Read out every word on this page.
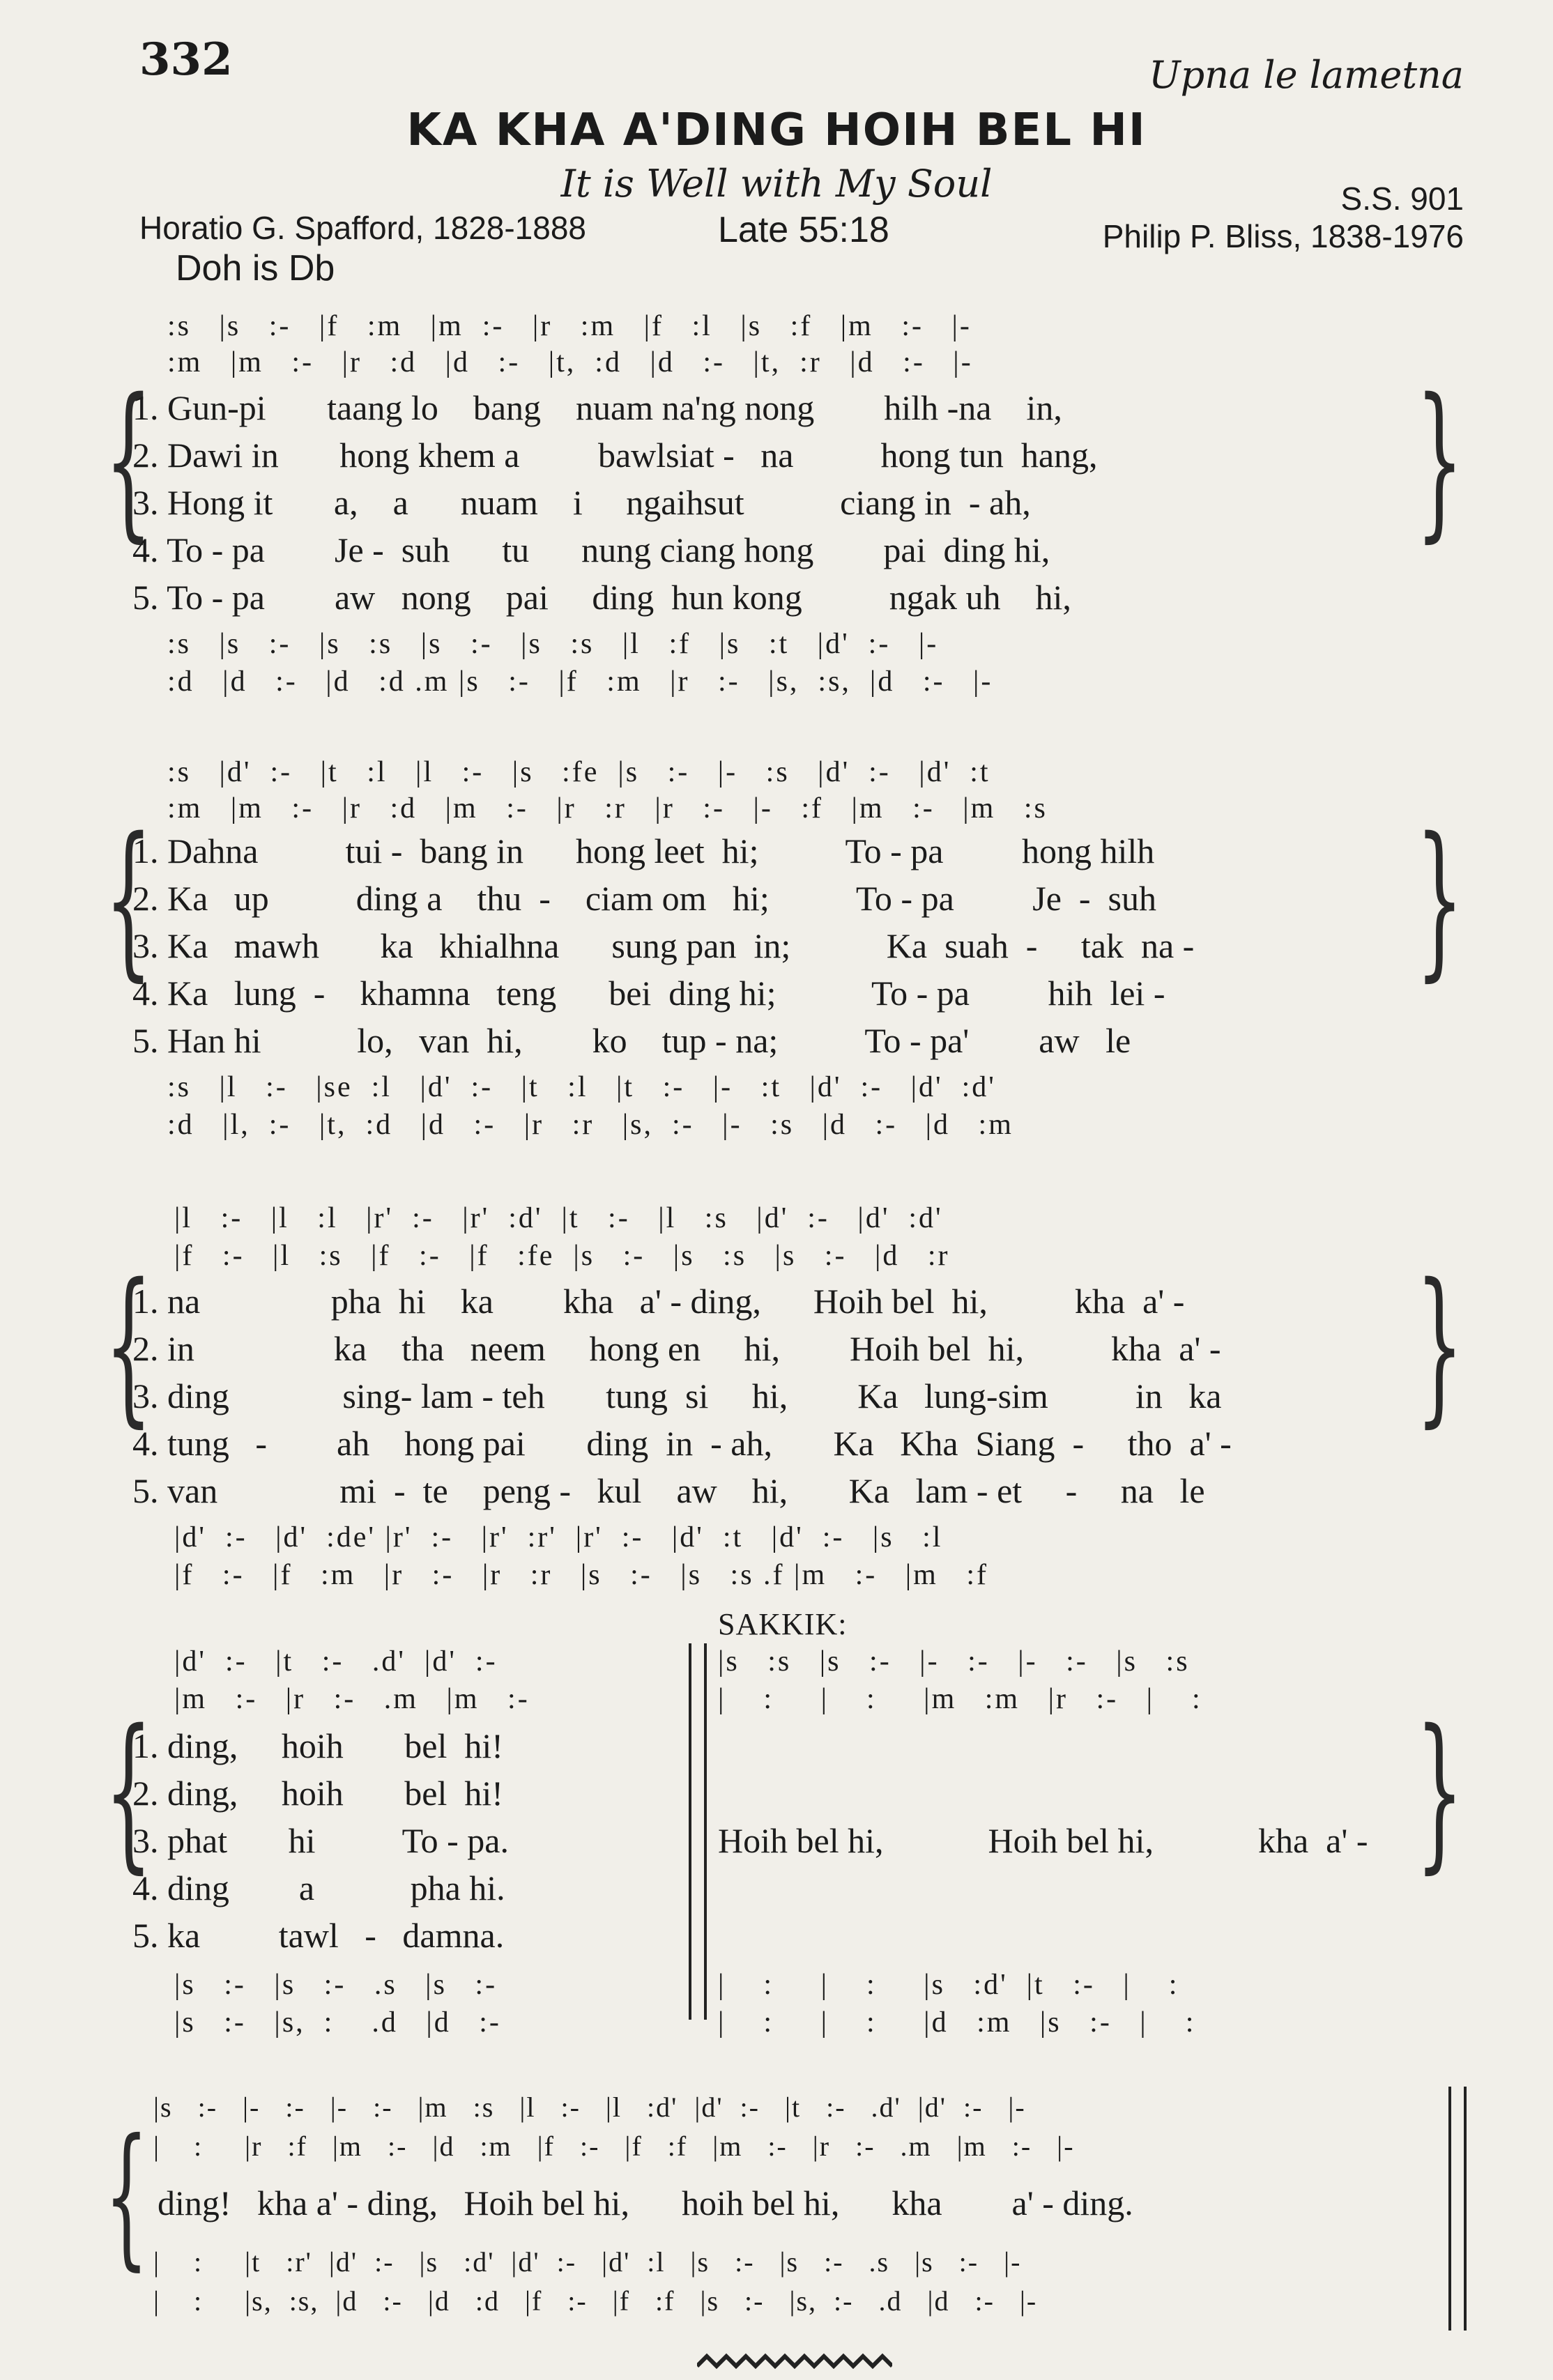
332	Upna le lametna
KA KHA A'DING HOIH BEL HI
It is Well with My Soul
Horatio G. Spafford, 1828-1888	Late 55:18
S.S. 901
Philip P. Bliss, 1838-1976
Doh is Db
{	}
:s   |s   :-   |f   :m   |m  :-   |r   :m   |f   :l   |s   :f   |m   :-   |-
:m   |m   :-   |r   :d   |d   :-   |t,  :d   |d   :-   |t,  :r   |d   :-   |-
1. Gun-pi       taang lo    bang    nuam na'ng nong        hilh -na    in,
2. Dawi in       hong khem a         bawlsiat -   na          hong tun  hang,
3. Hong it       a,    a      nuam    i     ngaihsut           ciang in  - ah,
4. To - pa        Je -  suh      tu      nung ciang hong        pai  ding hi,
5. To - pa        aw   nong    pai     ding  hun kong          ngak uh    hi,
:s   |s   :-   |s   :s   |s   :-   |s   :s   |l   :f   |s   :t   |d'  :-   |-
:d   |d   :-   |d   :d .m |s   :-   |f   :m   |r   :-   |s,  :s,  |d   :-   |-
{	}
:s   |d'  :-   |t   :l   |l   :-   |s   :fe  |s   :-   |-   :s   |d'  :-   |d'  :t
:m   |m   :-   |r   :d   |m   :-   |r   :r   |r   :-   |-   :f   |m   :-   |m   :s
1. Dahna          tui -  bang in      hong leet  hi;          To - pa         hong hilh
2. Ka   up          ding a    thu  -    ciam om   hi;          To - pa         Je  -  suh
3. Ka   mawh       ka   khialhna      sung pan  in;           Ka  suah  -     tak  na -
4. Ka   lung  -    khamna   teng      bei  ding hi;           To - pa         hih  lei -
5. Han hi           lo,   van  hi,        ko    tup - na;          To - pa'        aw   le
:s   |l   :-   |se  :l   |d'  :-   |t   :l   |t   :-   |-   :t   |d'  :-   |d'  :d'
:d   |l,  :-   |t,  :d   |d   :-   |r   :r   |s,  :-   |-   :s   |d   :-   |d   :m
{	}
|l   :-   |l   :l   |r'  :-   |r'  :d'  |t   :-   |l   :s   |d'  :-   |d'  :d'
|f   :-   |l   :s   |f   :-   |f   :fe  |s   :-   |s   :s   |s   :-   |d   :r
1. na               pha  hi    ka        kha   a' - ding,      Hoih bel  hi,          kha  a' -
2. in                ka    tha   neem     hong en     hi,        Hoih bel  hi,          kha  a' -
3. ding             sing- lam - teh       tung  si     hi,        Ka   lung-sim          in   ka
4. tung   -        ah    hong pai       ding  in  - ah,       Ka   Kha  Siang  -     tho  a' -
5. van              mi  -  te    peng -   kul    aw    hi,       Ka   lam - et     -     na   le
|d'  :-   |d'  :de' |r'  :-   |r'  :r'  |r'  :-   |d'  :t   |d'  :-   |s   :l
|f   :-   |f   :m   |r   :-   |r   :r   |s   :-   |s   :s .f |m   :-   |m   :f
SAKKIK:
{	}
|d'  :-   |t   :-   .d'  |d'  :-
|m   :-   |r   :-   .m   |m   :-
|s   :s   |s   :-   |-   :-   |-   :-   |s   :s
|    :     |    :     |m   :m   |r   :-   |    :
1. ding,     hoih       bel  hi!
2. ding,     hoih       bel  hi!
3. phat       hi          To - pa.
4. ding        a           pha hi.
5. ka         tawl   -   damna.
Hoih bel hi,            Hoih bel hi,            kha  a' -
|s   :-   |s   :-   .s   |s   :-
|s   :-   |s,  :    .d   |d   :-
|    :     |    :     |s   :d'  |t   :-   |    :
|    :     |    :     |d   :m   |s   :-   |    :
{ |s   :-   |-   :-   |-   :-   |m   :s   |l   :-   |l   :d'  |d'  :-   |t   :-   .d'  |d'  :-   |-
|    :     |r   :f   |m   :-   |d   :m   |f   :-   |f   :f   |m   :-   |r   :-   .m   |m   :-   |-
ding!   kha a' - ding,   Hoih bel hi,      hoih bel hi,      kha        a' - ding.
|    :     |t   :r'  |d'  :-   |s   :d'  |d'  :-   |d'  :l   |s   :-   |s   :-   .s   |s   :-   |-
|    :     |s,  :s,  |d   :-   |d   :d   |f   :-   |f   :f   |s   :-   |s,  :-   .d   |d   :-   |-
